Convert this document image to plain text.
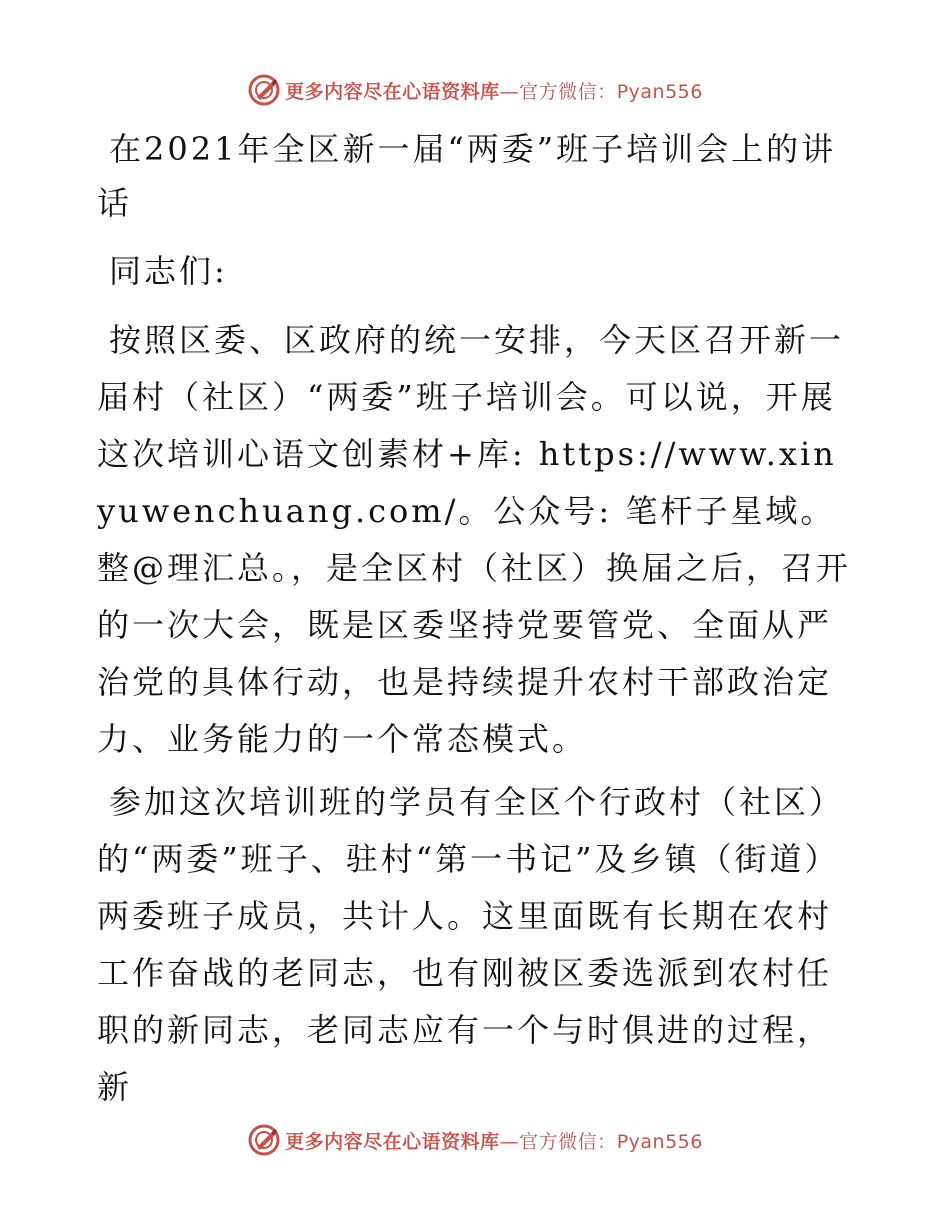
更多内容尽在心语资料库—官方微信：Pyan556
在2021年全区新一届“两委”班子培训会上的讲话

同志们:

按照区委、区政府的统一安排，今天区召开新一届村（社区）“两委”班子培训会。可以说，开展这次培训心语文创素材+库: https://www.xinyuwenchuang.com/。公众号: 笔杆子星域。整@理汇总。，是全区村（社区）换届之后，召开的一次大会，既是区委坚持党要管党、全面从严治党的具体行动，也是持续提升农村干部政治定力、业务能力的一个常态模式。

参加这次培训班的学员有全区个行政村（社区）的“两委”班子、驻村“第一书记”及乡镇（街道）两委班子成员，共计人。这里面既有长期在农村工作奋战的老同志，也有刚被区委选派到农村任职的新同志，老同志应有一个与时俱进的过程，新

更多内容尽在心语资料库—官方微信：Pyan556
